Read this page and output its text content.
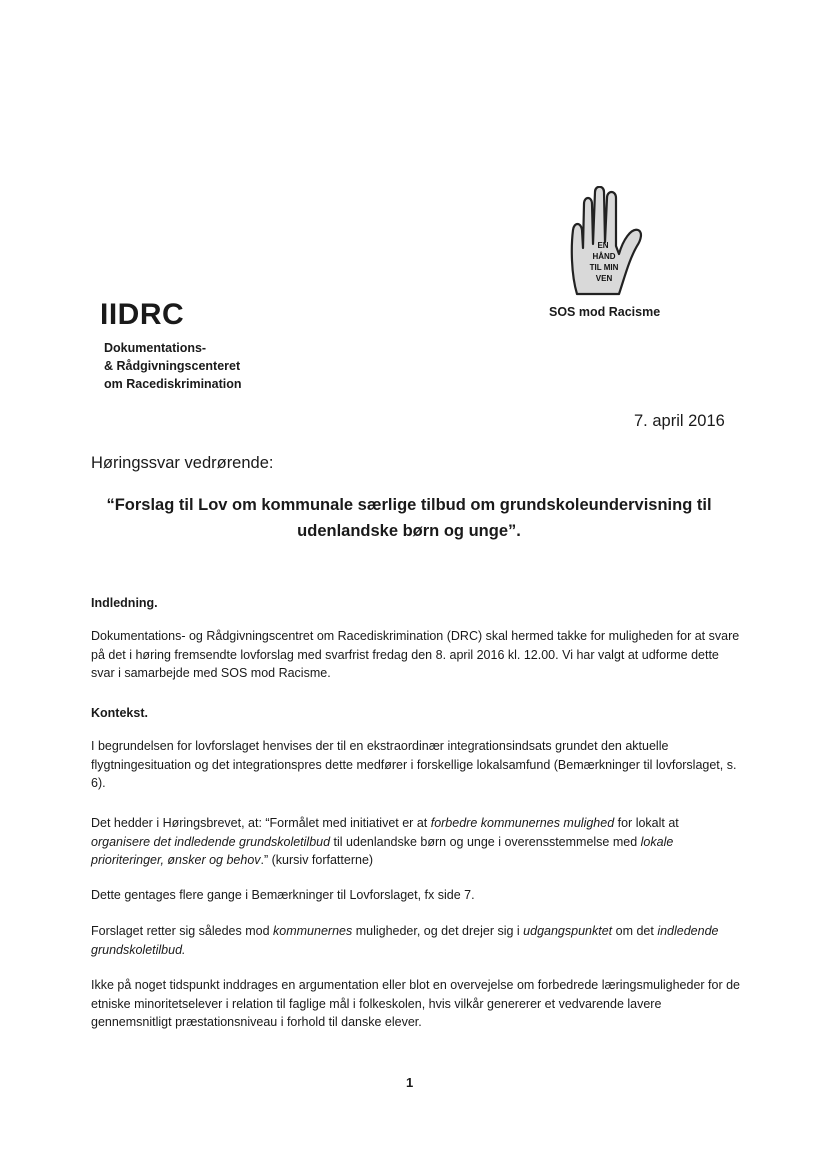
IIDRC
Dokumentations-
& Rådgivningscenteret
om Racediskrimination
EN
HÅND
TIL MIN
VEN
SOS mod Racisme
7. april 2016
Høringssvar vedrørende:
“Forslag til Lov om kommunale særlige tilbud om grundskoleundervisning til udenlandske børn og unge”.
Indledning.

Dokumentations- og Rådgivningscentret om Racediskrimination (DRC) skal hermed takke for muligheden for at svare på det i høring fremsendte lovforslag med svarfrist fredag den 8. april 2016 kl. 12.00. Vi har valgt at udforme dette svar i samarbejde med SOS mod Racisme.

Kontekst.

I begrundelsen for lovforslaget henvises der til en ekstraordinær integrationsindsats grundet den aktuelle flygtningesituation og det integrationspres dette medfører i forskellige lokalsamfund (Bemærkninger til lovforslaget, s. 6).

Det hedder i Høringsbrevet, at: “Formålet med initiativet er at forbedre kommunernes mulighed for lokalt at organisere det indledende grundskoletilbud til udenlandske børn og unge i overensstemmelse med lokale prioriteringer, ønsker og behov.” (kursiv forfatterne)

Dette gentages flere gange i Bemærkninger til Lovforslaget, fx side 7.

Forslaget retter sig således mod kommunernes muligheder, og det drejer sig i udgangspunktet om det indledende grundskoletilbud.

Ikke på noget tidspunkt inddrages en argumentation eller blot en overvejelse om forbedrede læringsmuligheder for de etniske minoritetselever i relation til faglige mål i folkeskolen, hvis vilkår genererer et vedvarende lavere gennemsnitligt præstationsniveau i forhold til danske elever.

1
